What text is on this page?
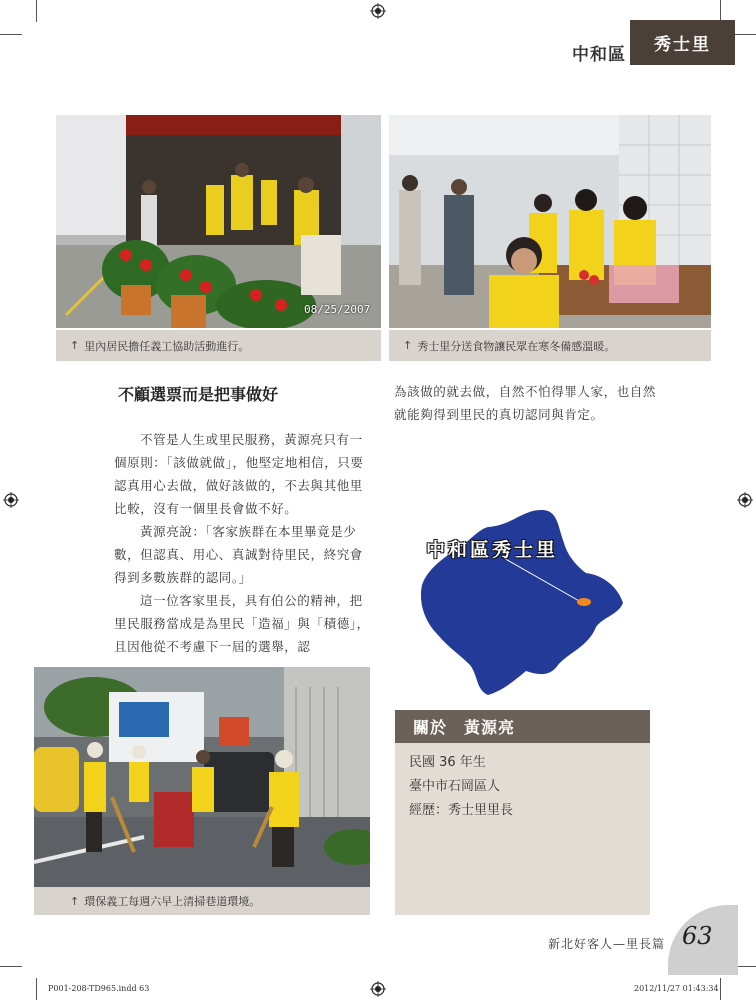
中和區	秀士里
08/25/2007
↑ 里內居民擔任義工協助活動進行。	↑ 秀士里分送食物讓民眾在寒冬備感溫暖。
不顧選票而是把事做好

不管是人生或里民服務，黃源亮只有一個原則：「該做就做」，他堅定地相信，只要認真用心去做，做好該做的，不去與其他里比較，沒有一個里長會做不好。

黃源亮說：「客家族群在本里畢竟是少數，但認真、用心、真誠對待里民，終究會得到多數族群的認同。」

這一位客家里長，具有伯公的精神，把里民服務當成是為里民「造福」與「積德」，且因他從不考慮下一屆的選舉，認

為該做的就去做，自然不怕得罪人家，也自然就能夠得到里民的真切認同與肯定。
中和區秀士里
↑ 環保義工每週六早上清掃巷道環境。
關於　黃源亮
民國 36 年生
臺中市石岡區人
經歷：秀士里里長
新北好客人—里長篇 63
P001-208-TD965.indd 63	2012/11/27 01:43:34
